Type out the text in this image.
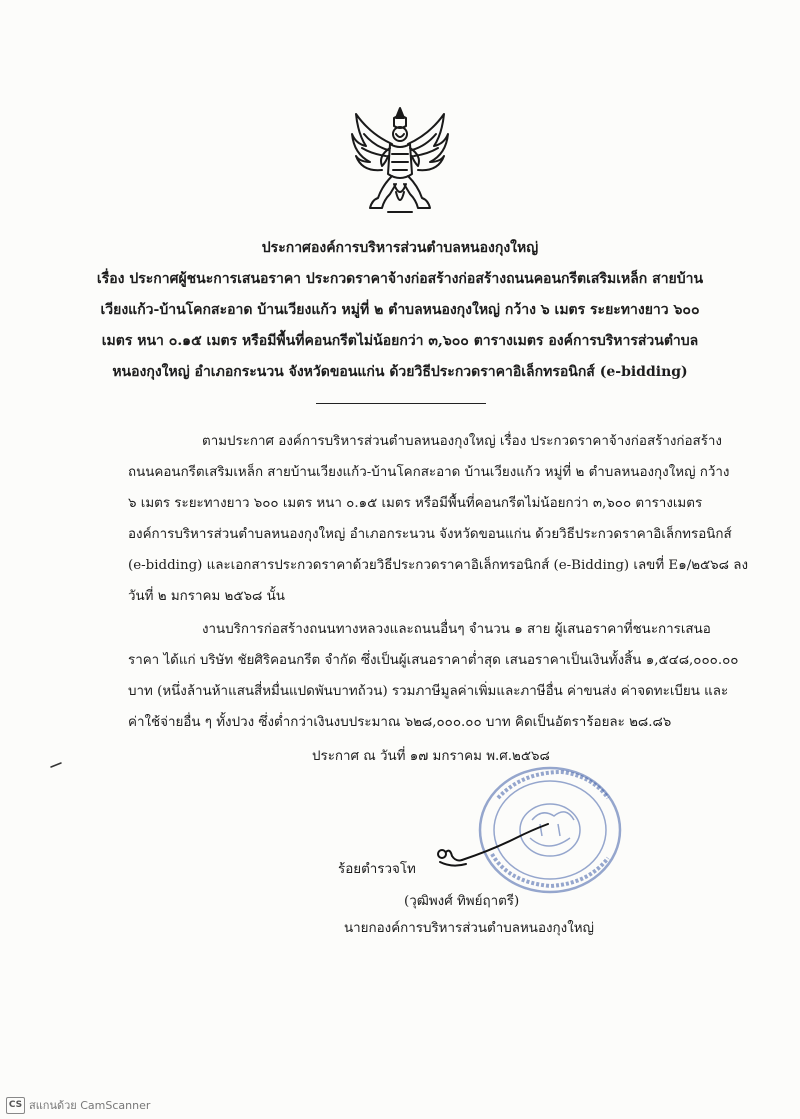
ประกาศองค์การบริหารส่วนตำบลหนองกุงใหญ่
เรื่อง ประกาศผู้ชนะการเสนอราคา ประกวดราคาจ้างก่อสร้างก่อสร้างถนนคอนกรีตเสริมเหล็ก สายบ้าน
เวียงแก้ว-บ้านโคกสะอาด บ้านเวียงแก้ว หมู่ที่ ๒ ตำบลหนองกุงใหญ่ กว้าง ๖ เมตร ระยะทางยาว ๖๐๐
เมตร หนา ๐.๑๕ เมตร หรือมีพื้นที่คอนกรีตไม่น้อยกว่า ๓,๖๐๐ ตารางเมตร องค์การบริหารส่วนตำบล
หนองกุงใหญ่ อำเภอกระนวน จังหวัดขอนแก่น ด้วยวิธีประกวดราคาอิเล็กทรอนิกส์ (e-bidding)
ตามประกาศ องค์การบริหารส่วนตำบลหนองกุงใหญ่ เรื่อง ประกวดราคาจ้างก่อสร้างก่อสร้าง
ถนนคอนกรีตเสริมเหล็ก สายบ้านเวียงแก้ว-บ้านโคกสะอาด บ้านเวียงแก้ว หมู่ที่ ๒ ตำบลหนองกุงใหญ่ กว้าง
๖ เมตร ระยะทางยาว ๖๐๐ เมตร หนา ๐.๑๕ เมตร หรือมีพื้นที่คอนกรีตไม่น้อยกว่า ๓,๖๐๐ ตารางเมตร
องค์การบริหารส่วนตำบลหนองกุงใหญ่ อำเภอกระนวน จังหวัดขอนแก่น ด้วยวิธีประกวดราคาอิเล็กทรอนิกส์
(e-bidding) และเอกสารประกวดราคาด้วยวิธีประกวดราคาอิเล็กทรอนิกส์ (e-Bidding) เลขที่ E๑/๒๕๖๘ ลง
วันที่ ๒ มกราคม ๒๕๖๘ นั้น
งานบริการก่อสร้างถนนทางหลวงและถนนอื่นๆ จำนวน ๑ สาย ผู้เสนอราคาที่ชนะการเสนอ
ราคา ได้แก่ บริษัท ชัยศิริคอนกรีต จำกัด ซึ่งเป็นผู้เสนอราคาต่ำสุด เสนอราคาเป็นเงินทั้งสิ้น ๑,๕๔๘,๐๐๐.๐๐
บาท (หนึ่งล้านห้าแสนสี่หมื่นแปดพันบาทถ้วน) รวมภาษีมูลค่าเพิ่มและภาษีอื่น ค่าขนส่ง ค่าจดทะเบียน และ
ค่าใช้จ่ายอื่น ๆ ทั้งปวง ซึ่งต่ำกว่าเงินงบประมาณ ๖๒๘,๐๐๐.๐๐ บาท คิดเป็นอัตราร้อยละ ๒๘.๘๖
ประกาศ ณ วันที่ ๑๗ มกราคม พ.ศ.๒๕๖๘
ร้อยตำรวจโท
(วุฒิพงศ์ ทิพย์ฤาตรี)
นายกองค์การบริหารส่วนตำบลหนองกุงใหญ่
CS สแกนด้วย CamScanner
